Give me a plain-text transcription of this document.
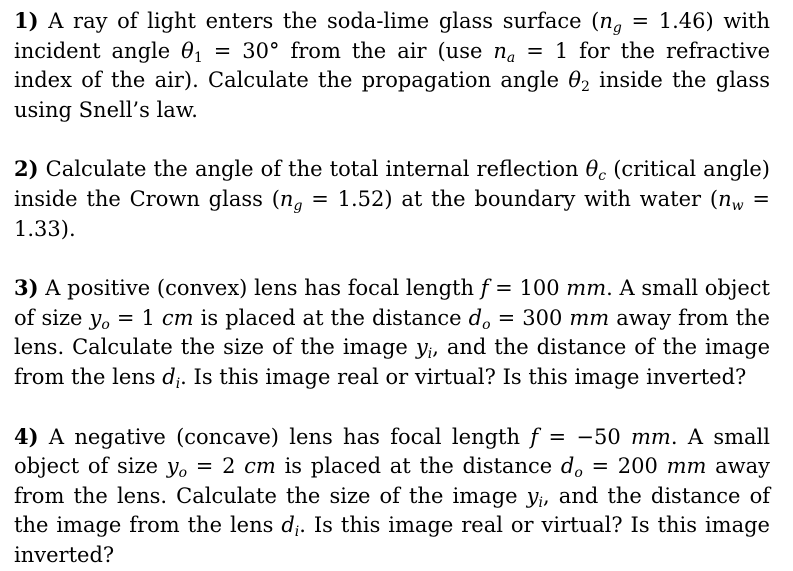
1) A ray of light enters the soda-lime glass surface $(n_g = 1.46)$ with incident angle $\theta_1 = 30^\circ$ from the air (use $n_a = 1$ for the refractive index of the air). Calculate the propagation angle $\theta_2$ inside the glass using Snell’s law.

2) Calculate the angle of the total internal reflection $\theta_c$ (critical angle) inside the Crown glass $(n_g = 1.52)$ at the boundary with water $(n_w = 1.33)$.

3) A positive (convex) lens has focal length f = 100 mm. A small object of size $y_o = 1$ cm is placed at the distance $d_o = 300$ mm away from the lens. Calculate the size of the image $y_i$, and the distance of the image from the lens $d_i$. Is this image real or virtual? Is this image inverted?

4) A negative (concave) lens has focal length f = −50 mm. A small object of size $y_o = 2$ cm is placed at the distance $d_o = 200$ mm away from the lens. Calculate the size of the image $y_i$, and the distance of the image from the lens $d_i$. Is this image real or virtual? Is this image inverted?
